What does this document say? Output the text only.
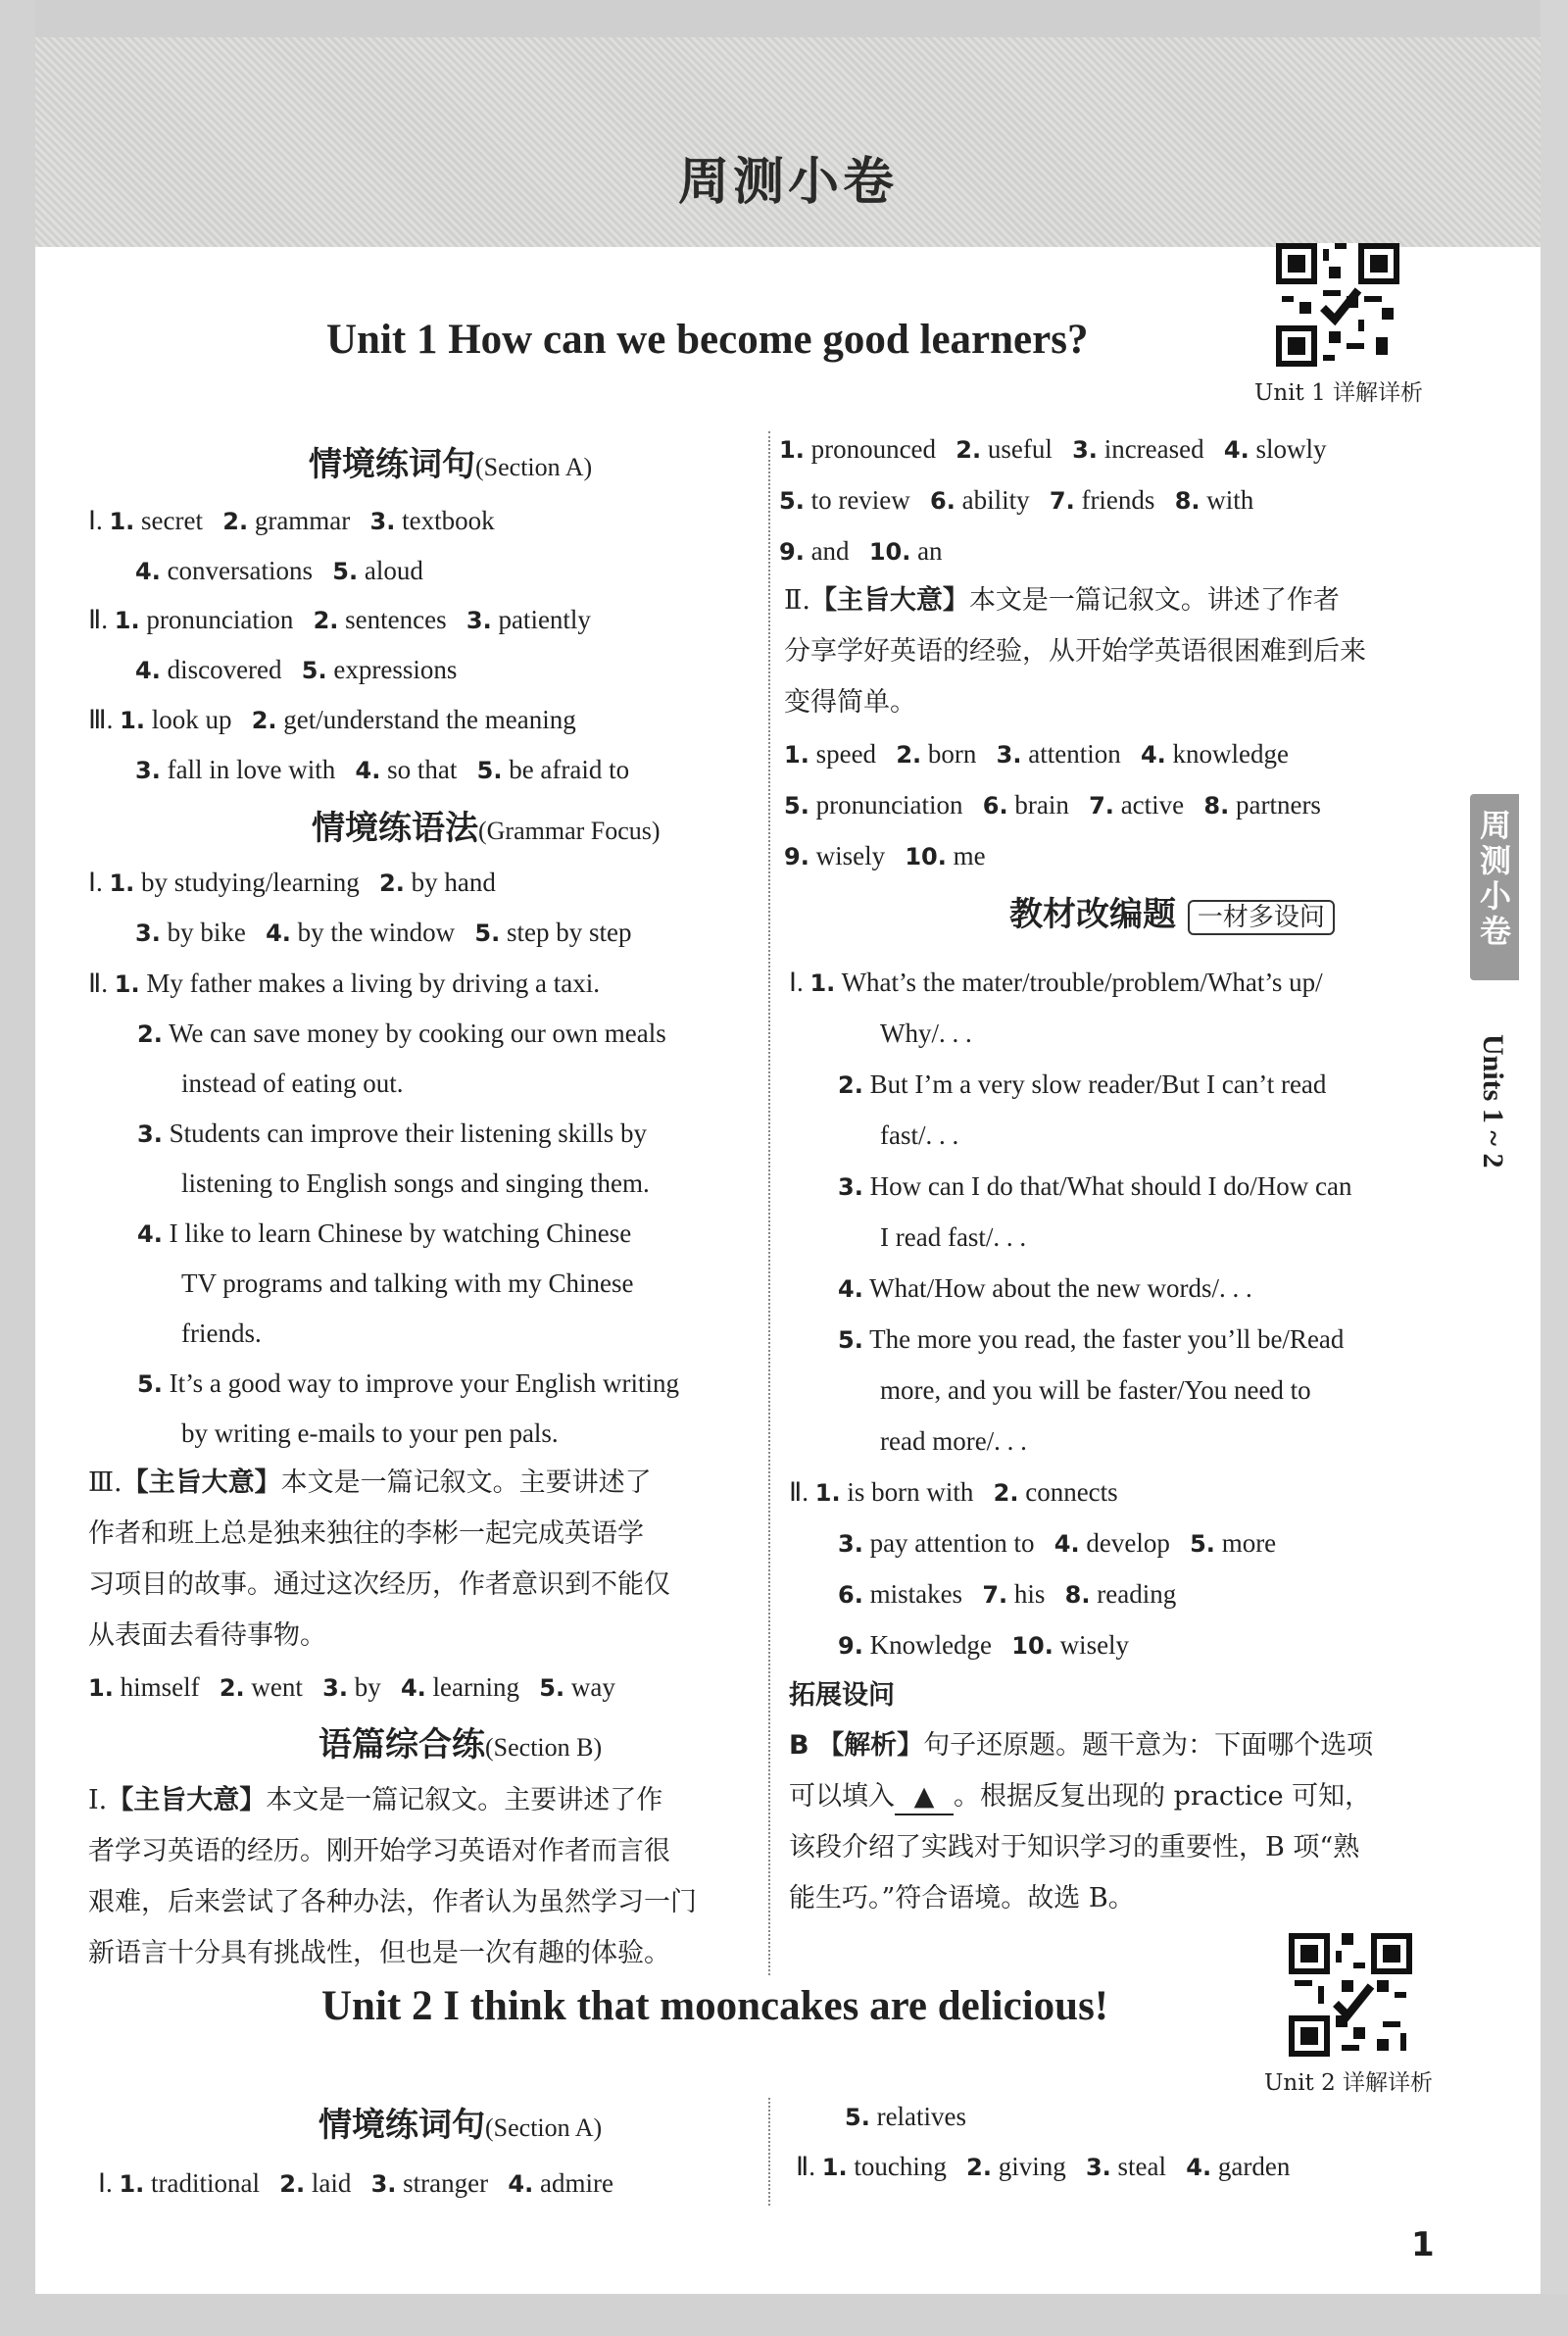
周测小卷
Unit 1 详解详析
Unit 1 How can we become good learners?
情境练词句(Section A)
Ⅰ. 1. secret 2. grammar 3. textbook
4. conversations 5. aloud
Ⅱ. 1. pronunciation 2. sentences 3. patiently
4. discovered 5. expressions
Ⅲ. 1. look up 2. get/understand the meaning
3. fall in love with 4. so that 5. be afraid to
情境练语法(Grammar Focus)
Ⅰ. 1. by studying/learning 2. by hand
3. by bike 4. by the window 5. step by step
Ⅱ. 1. My father makes a living by driving a taxi.
2. We can save money by cooking our own meals
instead of eating out.
3. Students can improve their listening skills by
listening to English songs and singing them.
4. I like to learn Chinese by watching Chinese
TV programs and talking with my Chinese
friends.
5. It’s a good way to improve your English writing
by writing e-mails to your pen pals.
Ⅲ.【主旨大意】本文是一篇记叙文。主要讲述了
作者和班上总是独来独往的李彬一起完成英语学
习项目的故事。通过这次经历，作者意识到不能仅
从表面去看待事物。
1. himself 2. went 3. by 4. learning 5. way
语篇综合练(Section B)
Ⅰ.【主旨大意】本文是一篇记叙文。主要讲述了作
者学习英语的经历。刚开始学习英语对作者而言很
艰难，后来尝试了各种办法，作者认为虽然学习一门
新语言十分具有挑战性，但也是一次有趣的体验。
1. pronounced 2. useful 3. increased 4. slowly
5. to review 6. ability 7. friends 8. with
9. and 10. an
Ⅱ.【主旨大意】本文是一篇记叙文。讲述了作者
分享学好英语的经验，从开始学英语很困难到后来
变得简单。
1. speed 2. born 3. attention 4. knowledge
5. pronunciation 6. brain 7. active 8. partners
9. wisely 10. me
教材改编题 一材多设问
Ⅰ. 1. What’s the mater/trouble/problem/What’s up/
Why/. . .
2. But I’m a very slow reader/But I can’t read
fast/. . .
3. How can I do that/What should I do/How can
I read fast/. . .
4. What/How about the new words/. . .
5. The more you read, the faster you’ll be/Read
more, and you will be faster/You need to
read more/. . .
Ⅱ. 1. is born with 2. connects
3. pay attention to 4. develop 5. more
6. mistakes 7. his 8. reading
9. Knowledge 10. wisely
拓展设问
B 【解析】句子还原题。题干意为：下面哪个选项
可以填入 ▲ 。根据反复出现的 practice 可知，
该段介绍了实践对于知识学习的重要性，B 项“熟
能生巧。”符合语境。故选 B。
周测小卷
Units 1 ~ 2
Unit 2 详解详析
Unit 2 I think that mooncakes are delicious!
情境练词句(Section A)
Ⅰ. 1. traditional 2. laid 3. stranger 4. admire
5. relatives
Ⅱ. 1. touching 2. giving 3. steal 4. garden
1
